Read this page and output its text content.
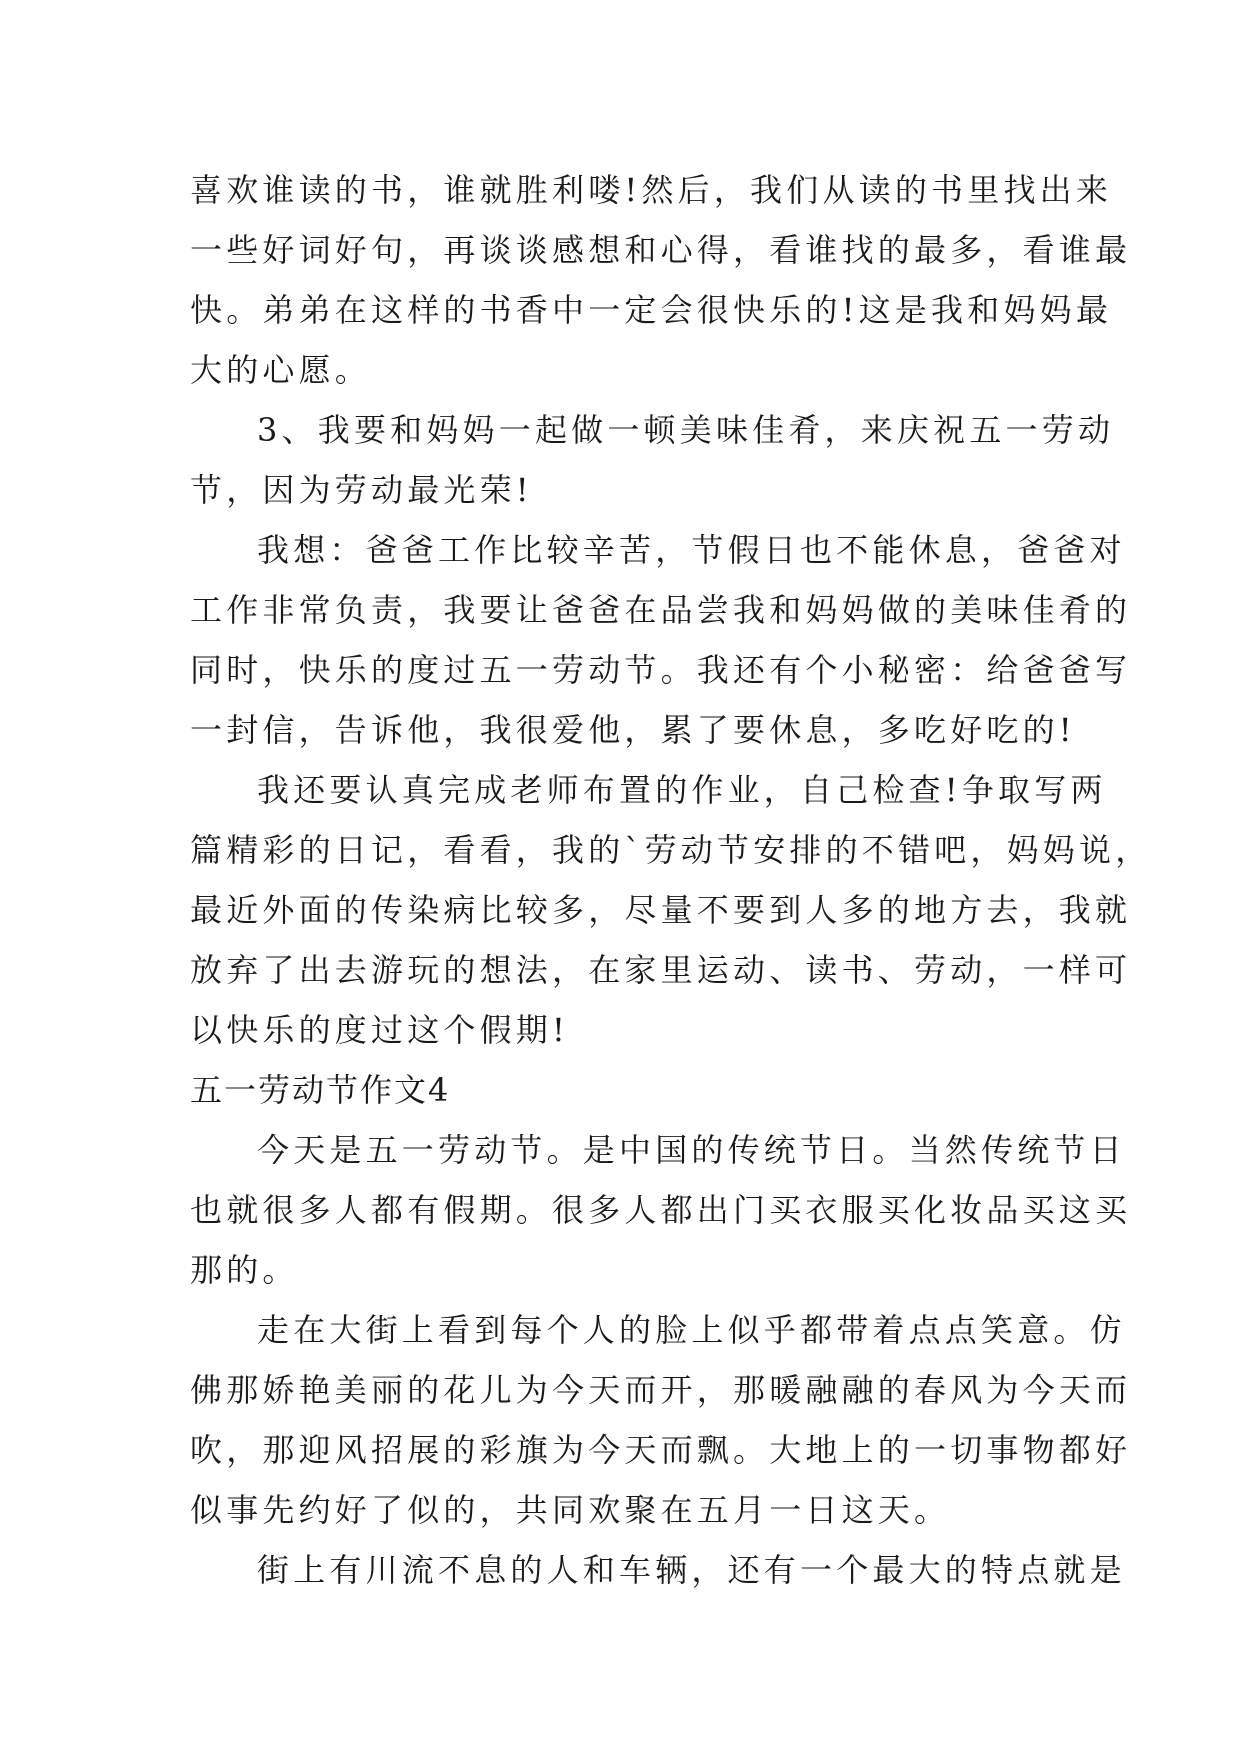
喜欢谁读的书，谁就胜利喽!然后，我们从读的书里找出来
一些好词好句，再谈谈感想和心得，看谁找的最多，看谁最
快。弟弟在这样的书香中一定会很快乐的!这是我和妈妈最
大的心愿。
3、我要和妈妈一起做一顿美味佳肴，来庆祝五一劳动
节，因为劳动最光荣!
我想：爸爸工作比较辛苦，节假日也不能休息，爸爸对
工作非常负责，我要让爸爸在品尝我和妈妈做的美味佳肴的
同时，快乐的度过五一劳动节。我还有个小秘密：给爸爸写
一封信，告诉他，我很爱他，累了要休息，多吃好吃的!
我还要认真完成老师布置的作业，自己检查!争取写两
篇精彩的日记，看看，我的`劳动节安排的不错吧，妈妈说，
最近外面的传染病比较多，尽量不要到人多的地方去，我就
放弃了出去游玩的想法，在家里运动、读书、劳动，一样可
以快乐的度过这个假期!
五一劳动节作文4
今天是五一劳动节。是中国的传统节日。当然传统节日
也就很多人都有假期。很多人都出门买衣服买化妆品买这买
那的。
走在大街上看到每个人的脸上似乎都带着点点笑意。仿
佛那娇艳美丽的花儿为今天而开，那暖融融的春风为今天而
吹，那迎风招展的彩旗为今天而飘。大地上的一切事物都好
似事先约好了似的，共同欢聚在五月一日这天。
街上有川流不息的人和车辆，还有一个最大的特点就是
